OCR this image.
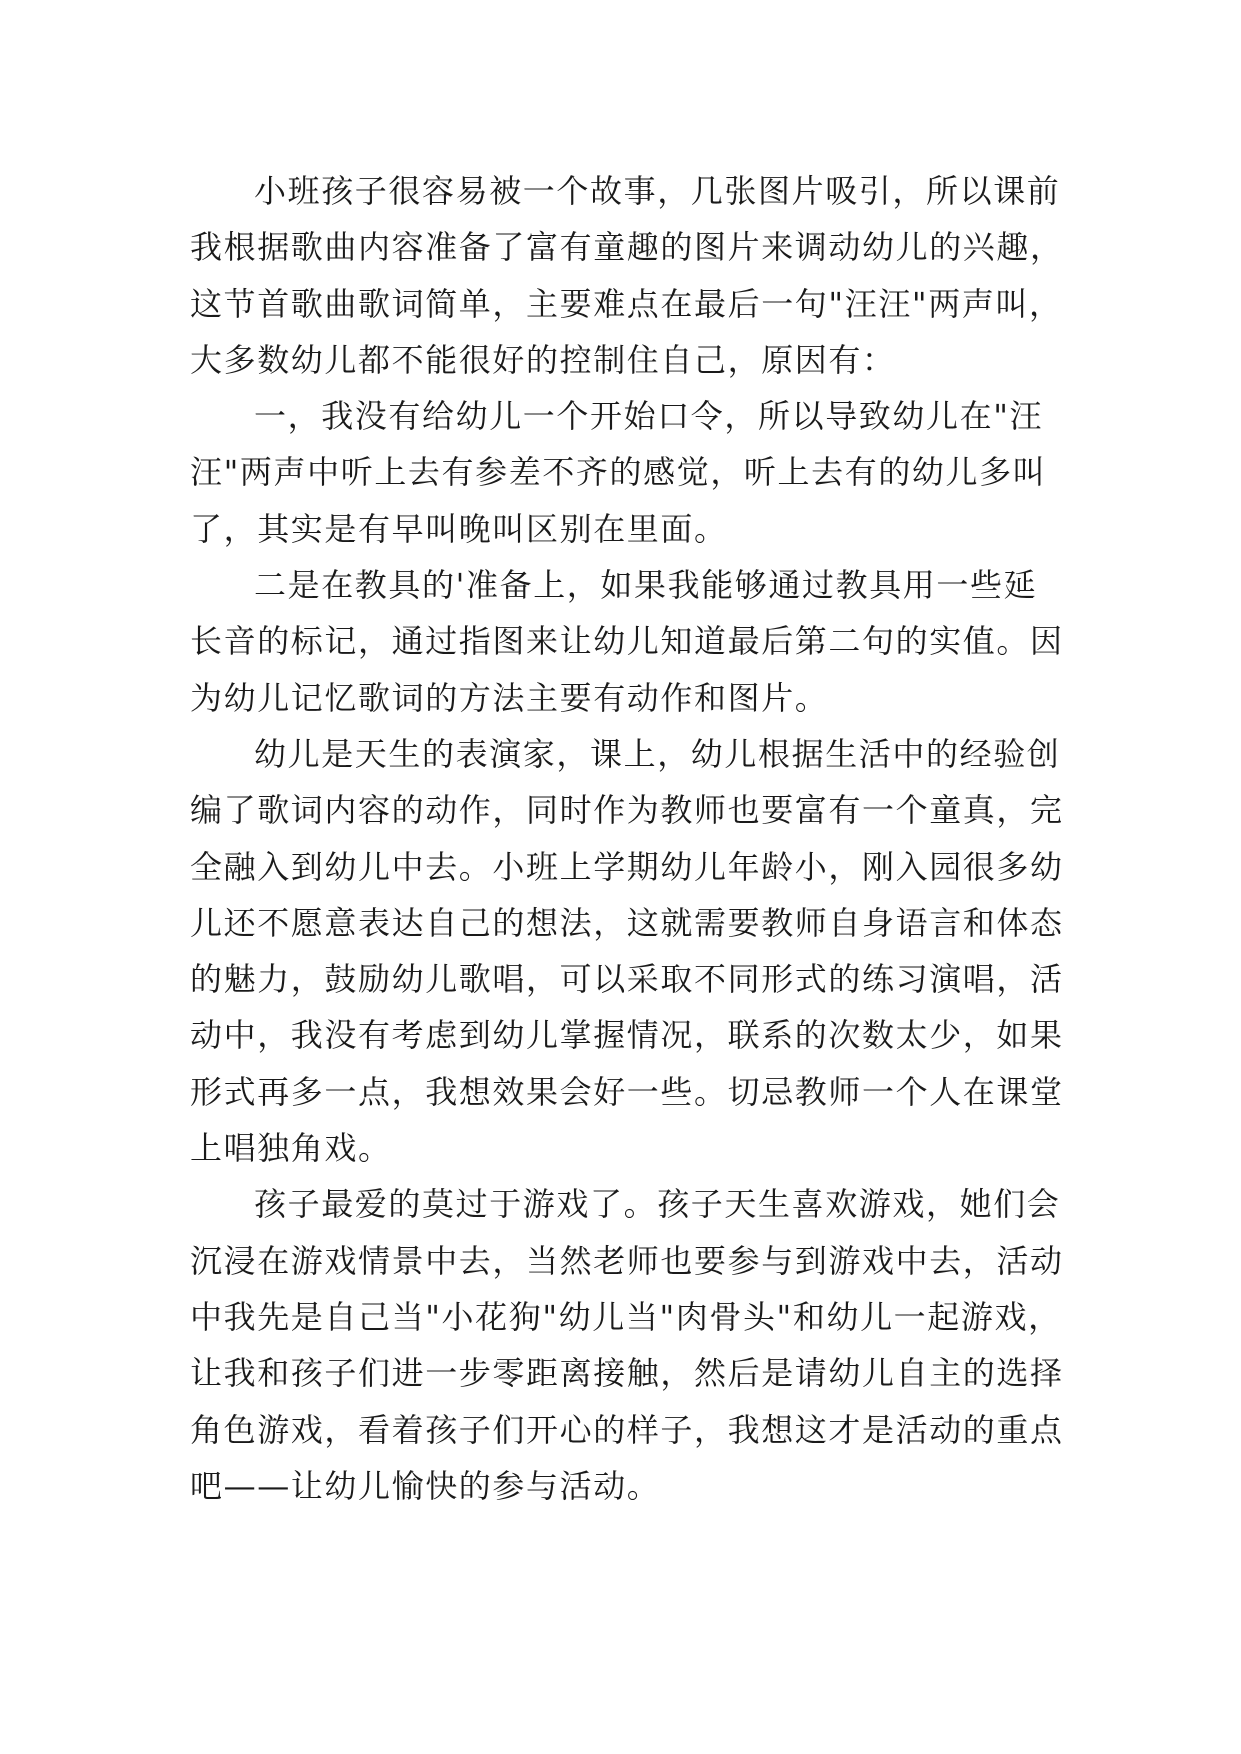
小班孩子很容易被一个故事，几张图片吸引，所以课前
我根据歌曲内容准备了富有童趣的图片来调动幼儿的兴趣，
这节首歌曲歌词简单，主要难点在最后一句"汪汪"两声叫，
大多数幼儿都不能很好的控制住自己，原因有：
一，我没有给幼儿一个开始口令，所以导致幼儿在"汪
汪"两声中听上去有参差不齐的感觉，听上去有的幼儿多叫
了，其实是有早叫晚叫区别在里面。
二是在教具的'准备上，如果我能够通过教具用一些延
长音的标记，通过指图来让幼儿知道最后第二句的实值。因
为幼儿记忆歌词的方法主要有动作和图片。
幼儿是天生的表演家，课上，幼儿根据生活中的经验创
编了歌词内容的动作，同时作为教师也要富有一个童真，完
全融入到幼儿中去。小班上学期幼儿年龄小，刚入园很多幼
儿还不愿意表达自己的想法，这就需要教师自身语言和体态
的魅力，鼓励幼儿歌唱，可以采取不同形式的练习演唱，活
动中，我没有考虑到幼儿掌握情况，联系的次数太少，如果
形式再多一点，我想效果会好一些。切忌教师一个人在课堂
上唱独角戏。
孩子最爱的莫过于游戏了。孩子天生喜欢游戏，她们会
沉浸在游戏情景中去，当然老师也要参与到游戏中去，活动
中我先是自己当"小花狗"幼儿当"肉骨头"和幼儿一起游戏，
让我和孩子们进一步零距离接触，然后是请幼儿自主的选择
角色游戏，看着孩子们开心的样子，我想这才是活动的重点
吧——让幼儿愉快的参与活动。
